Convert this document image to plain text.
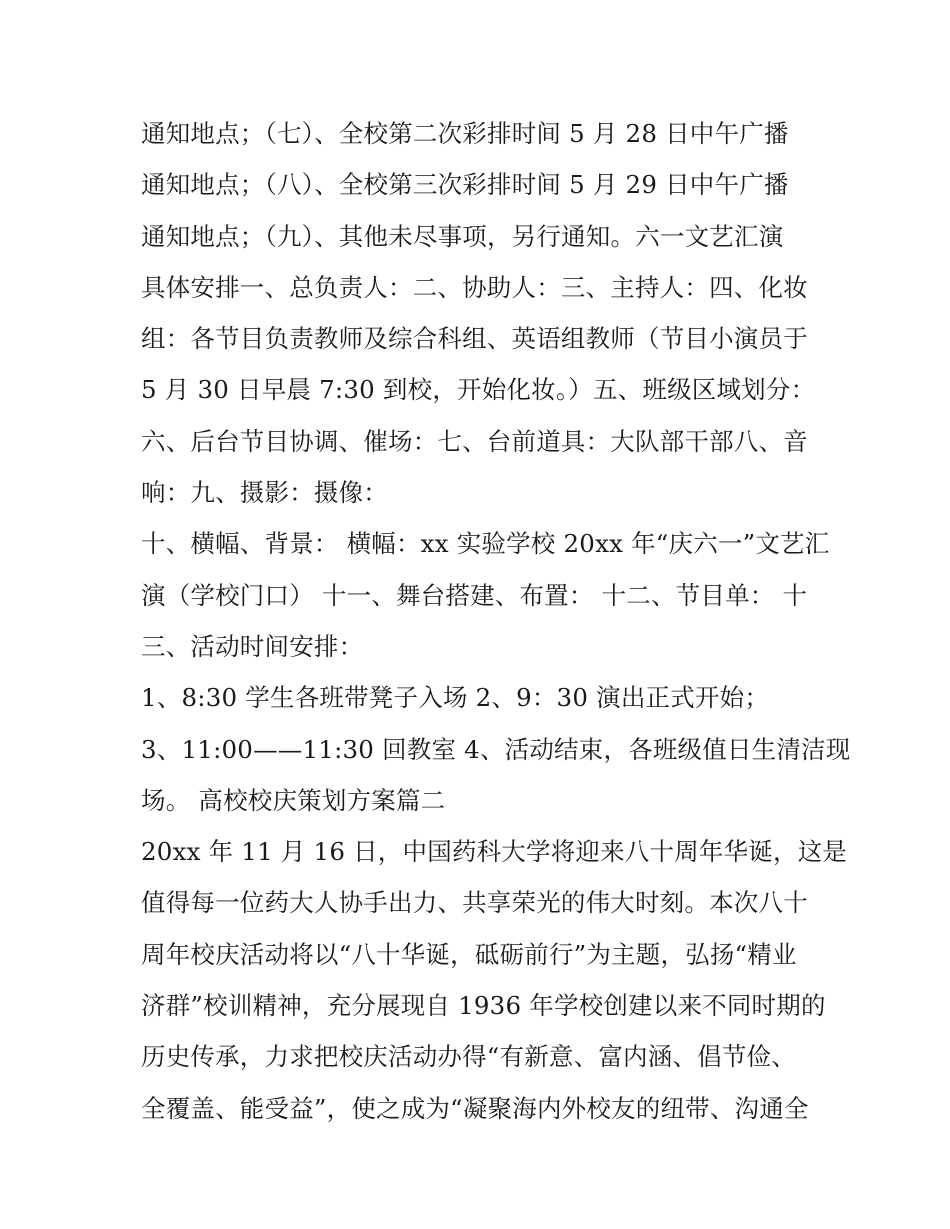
通知地点；（七）、全校第二次彩排时间 5 月 28 日中午广播
通知地点；（八）、全校第三次彩排时间 5 月 29 日中午广播
通知地点；（九）、其他未尽事项，另行通知。六一文艺汇演
具体安排一、总负责人：二、协助人：三、主持人：四、化妆
组：各节目负责教师及综合科组、英语组教师（节目小演员于
5 月 30 日早晨 7:30 到校，开始化妆。）五、班级区域划分：
六、后台节目协调、催场：七、台前道具：大队部干部八、音
响：九、摄影：摄像：
十、横幅、背景： 横幅：xx 实验学校 20xx 年“庆六一”文艺汇
演（学校门口） 十一、舞台搭建、布置： 十二、节目单： 十
三、活动时间安排：
1、8:30 学生各班带凳子入场 2、9：30 演出正式开始；
3、11:00——11:30 回教室 4、活动结束，各班级值日生清洁现
场。 高校校庆策划方案篇二
20xx 年 11 月 16 日，中国药科大学将迎来八十周年华诞，这是
值得每一位药大人协手出力、共享荣光的伟大时刻。本次八十
周年校庆活动将以“八十华诞，砥砺前行”为主题，弘扬“精业
济群”校训精神，充分展现自 1936 年学校创建以来不同时期的
历史传承，力求把校庆活动办得“有新意、富内涵、倡节俭、
全覆盖、能受益”，使之成为“凝聚海内外校友的纽带、沟通全
